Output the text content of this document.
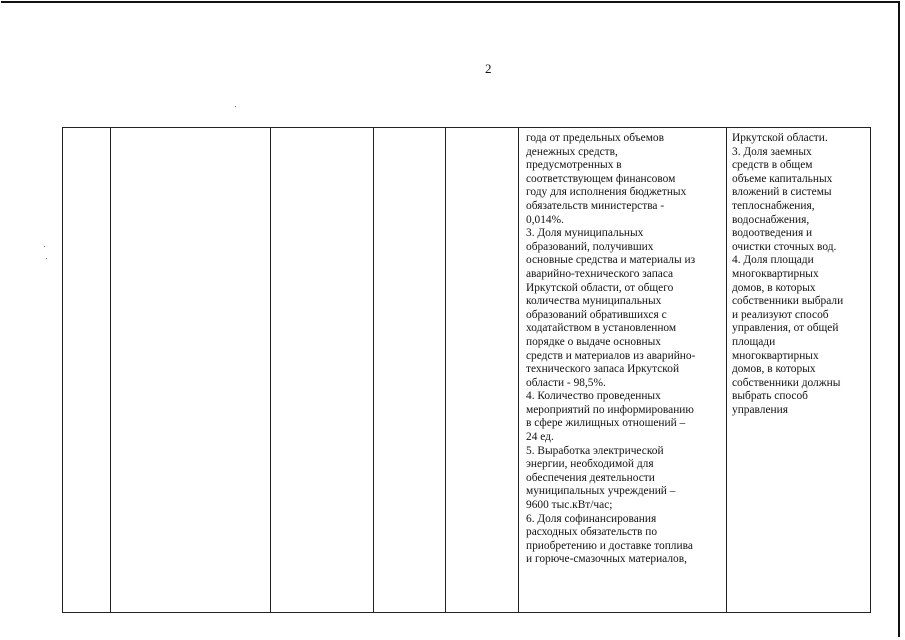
2

года от предельных объемов
денежных средств,
предусмотренных в
соответствующем финансовом
году для исполнения бюджетных
обязательств министерства -
0,014%.
3. Доля муниципальных
образований, получивших
основные средства и материалы из
аварийно-технического запаса
Иркутской области, от общего
количества муниципальных
образований обратившихся с
ходатайством в установленном
порядке о выдаче основных
средств и материалов из аварийно-
технического запаса Иркутской
области - 98,5%.
4. Количество проведенных
мероприятий по информированию
в сфере жилищных отношений –
24 ед.
5. Выработка электрической
энергии, необходимой для
обеспечения деятельности
муниципальных учреждений –
9600 тыс.кВт/час;
6. Доля софинансирования
расходных обязательств по
приобретению и доставке топлива
и горюче-смазочных материалов,

Иркутской области.
3. Доля заемных
средств в общем
объеме капитальных
вложений в системы
теплоснабжения,
водоснабжения,
водоотведения и
очистки сточных вод.
4. Доля площади
многоквартирных
домов, в которых
собственники выбрали
и реализуют способ
управления, от общей
площади
многоквартирных
домов, в которых
собственники должны
выбрать способ
управления
